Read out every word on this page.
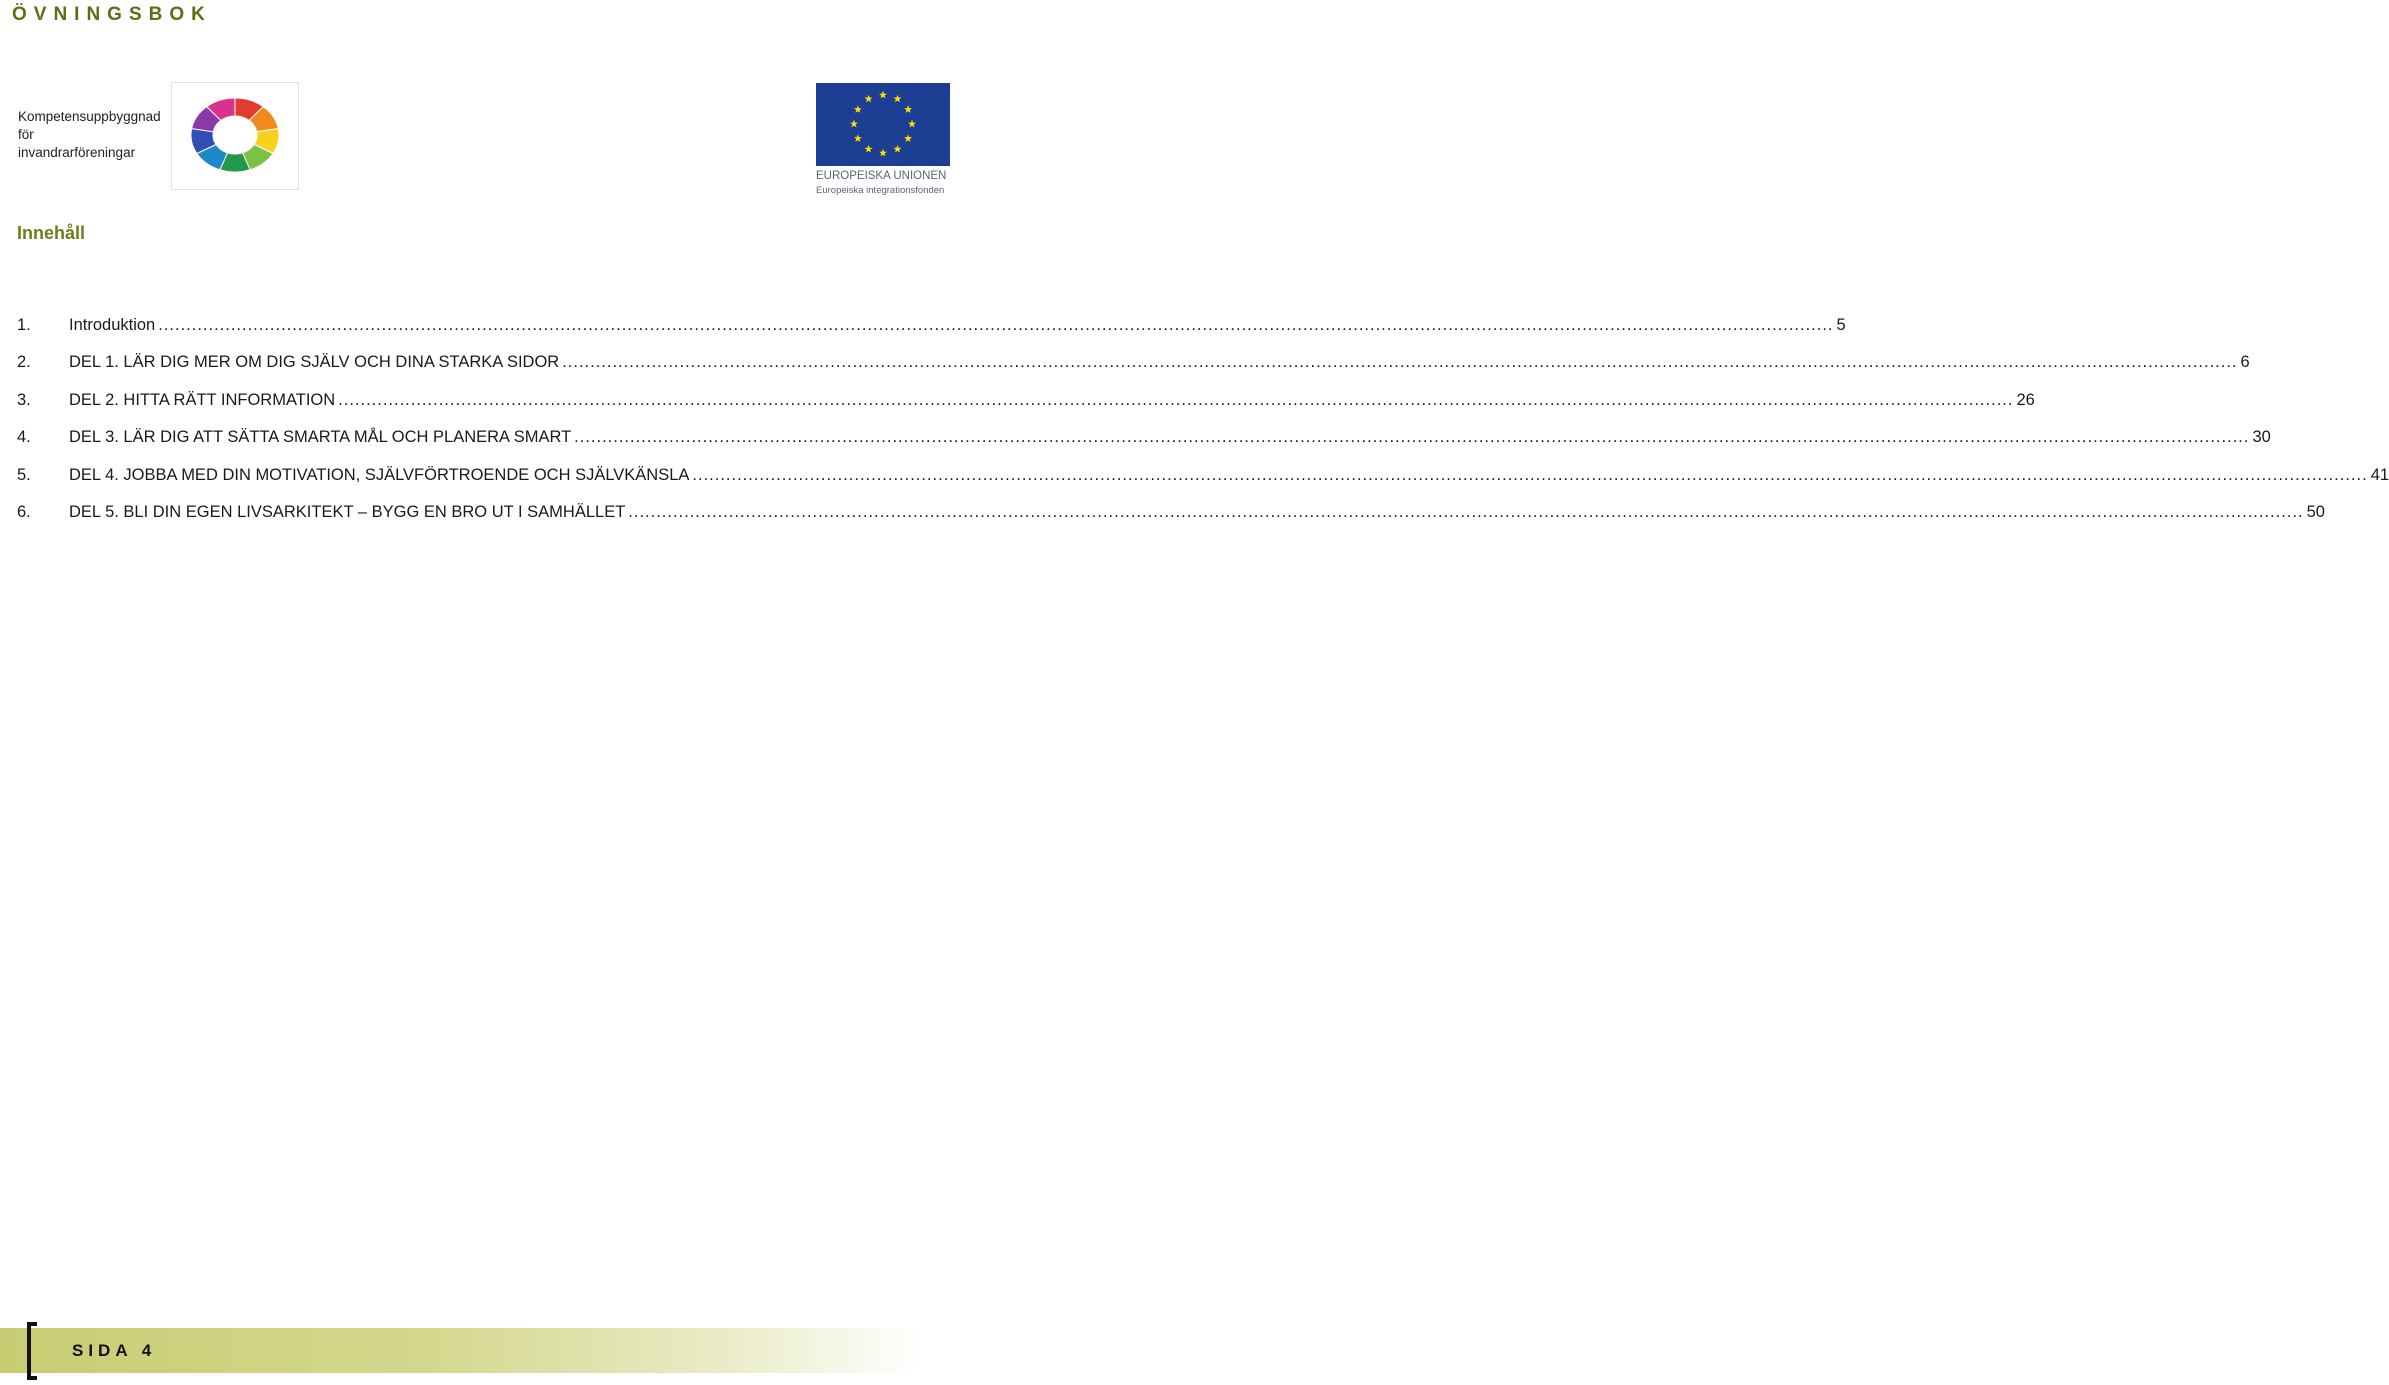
ÖVNINGSBOK
Kompetensuppbyggnad
för
invandrarföreningar
EUROPEISKA UNIONEN
Europeiska integrationsfonden
Innehåll
1.	Introduktion ............................................................................................................................................................................................................................................................................................................ 5
2.	DEL 1. LÄR DIG MER OM DIG SJÄLV OCH DINA STARKA SIDOR ............................................................................................................................................................................................................................................................................................................ 6
3.	DEL 2. HITTA RÄTT INFORMATION ............................................................................................................................................................................................................................................................................................................ 26
4.	DEL 3. LÄR DIG ATT SÄTTA SMARTA MÅL OCH PLANERA SMART ............................................................................................................................................................................................................................................................................................................ 30
5.	DEL 4. JOBBA MED DIN MOTIVATION, SJÄLVFÖRTROENDE OCH SJÄLVKÄNSLA ............................................................................................................................................................................................................................................................................................................ 41
6.	DEL 5. BLI DIN EGEN LIVSARKITEKT – BYGG EN BRO UT I SAMHÄLLET ............................................................................................................................................................................................................................................................................................................ 50
SIDA 4
